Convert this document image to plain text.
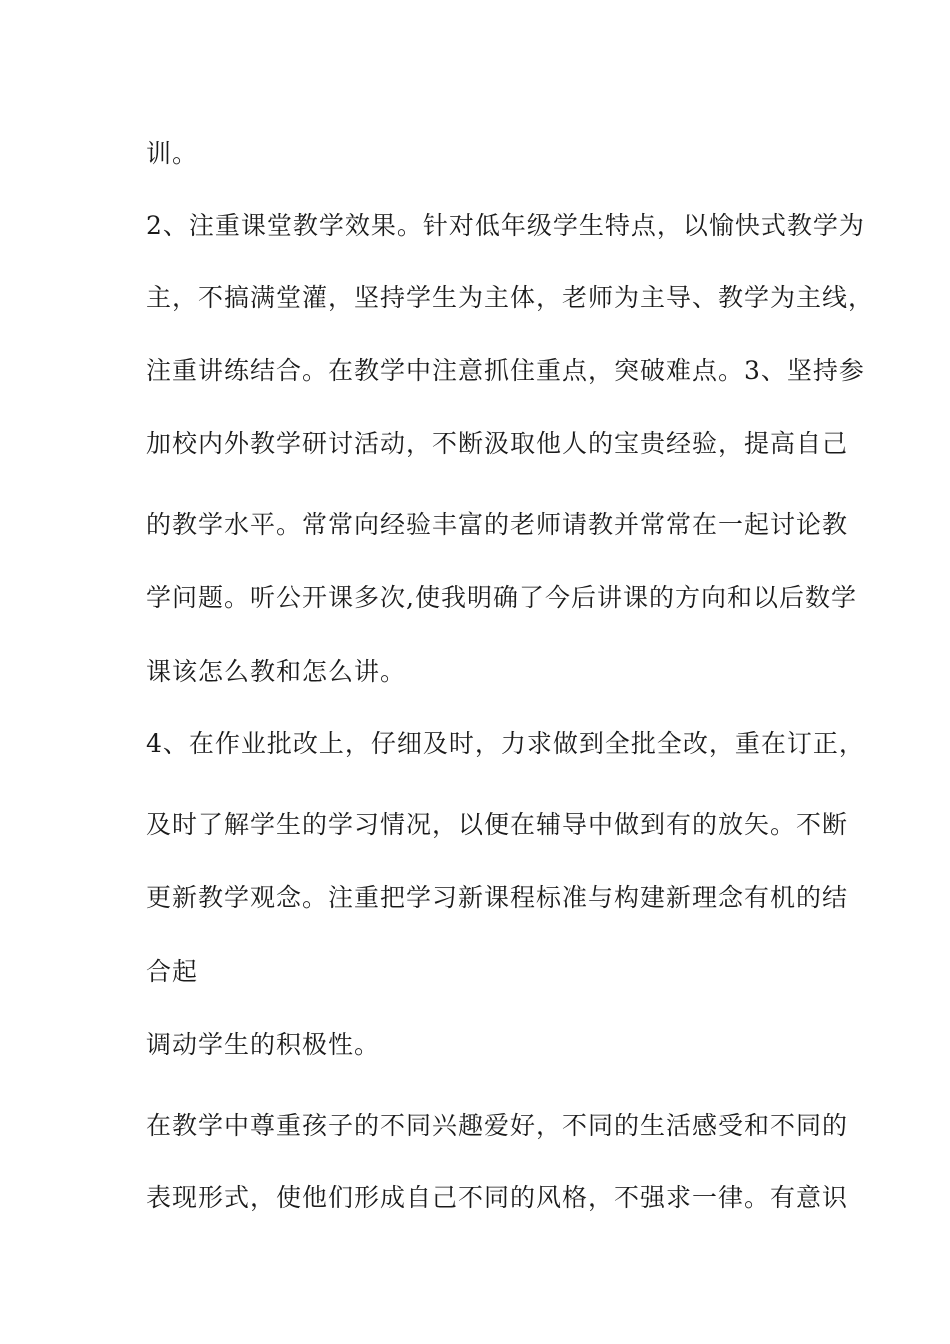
训。
2、注重课堂教学效果。针对低年级学生特点，以愉快式教学为
主，不搞满堂灌，坚持学生为主体，老师为主导、教学为主线，
注重讲练结合。在教学中注意抓住重点，突破难点。3、坚持参
加校内外教学研讨活动，不断汲取他人的宝贵经验，提高自己
的教学水平。常常向经验丰富的老师请教并常常在一起讨论教
学问题。听公开课多次,使我明确了今后讲课的方向和以后数学
课该怎么教和怎么讲。
4、在作业批改上，仔细及时，力求做到全批全改，重在订正，
及时了解学生的学习情况，以便在辅导中做到有的放矢。不断
更新教学观念。注重把学习新课程标准与构建新理念有机的结
合起
调动学生的积极性。
在教学中尊重孩子的不同兴趣爱好，不同的生活感受和不同的
表现形式，使他们形成自己不同的风格，不强求一律。有意识
